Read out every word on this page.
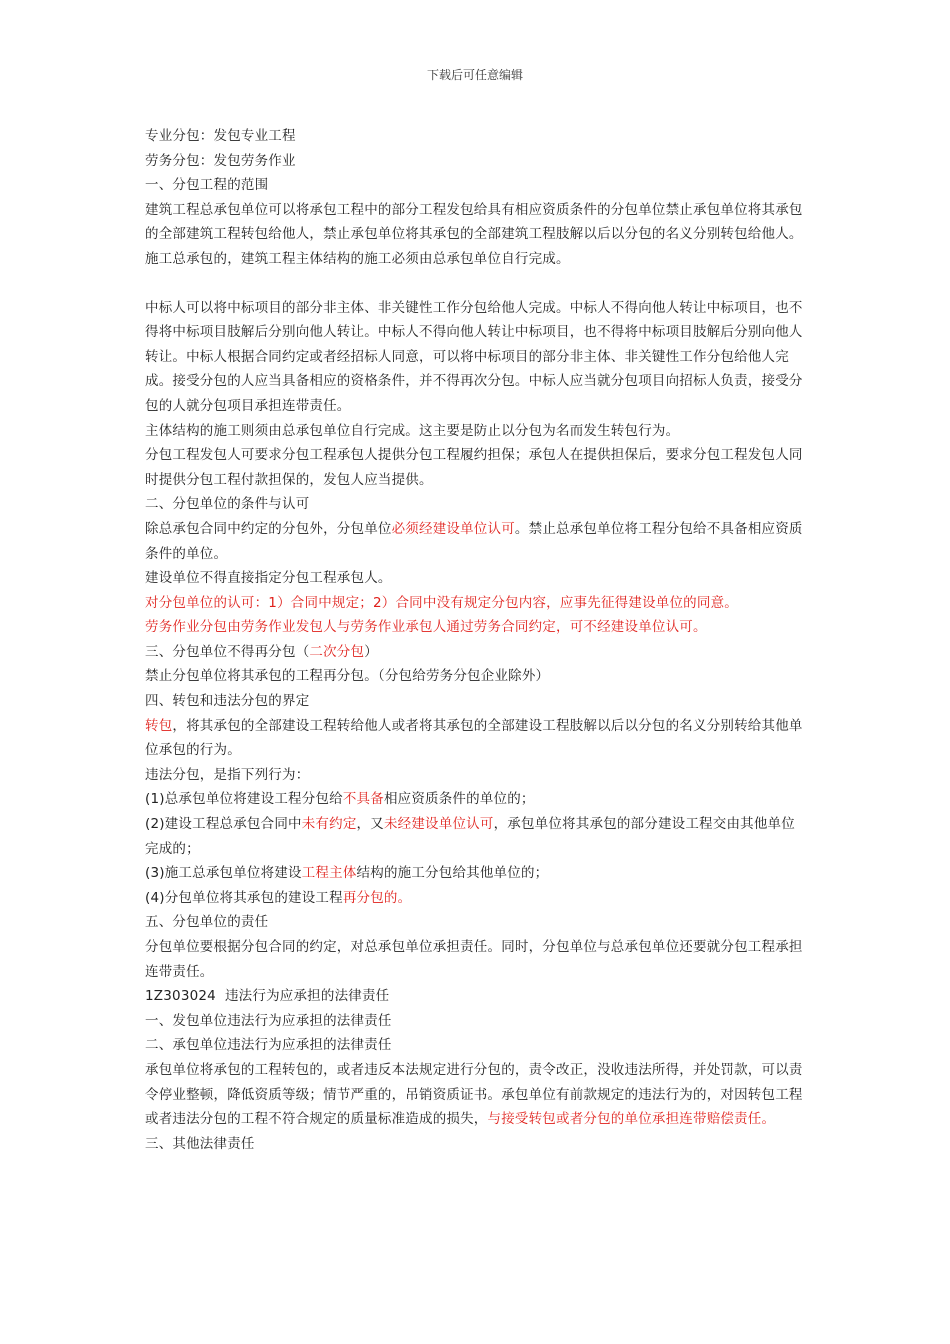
下载后可任意编辑

专业分包：发包专业工程

劳务分包：发包劳务作业

一、分包工程的范围

建筑工程总承包单位可以将承包工程中的部分工程发包给具有相应资质条件的分包单位禁止承包单位将其承包的全部建筑工程转包给他人，禁止承包单位将其承包的全部建筑工程肢解以后以分包的名义分别转包给他人。施工总承包的，建筑工程主体结构的施工必须由总承包单位自行完成。

中标人可以将中标项目的部分非主体、非关键性工作分包给他人完成。中标人不得向他人转让中标项目，也不得将中标项目肢解后分别向他人转让。中标人不得向他人转让中标项目，也不得将中标项目肢解后分别向他人转让。中标人根据合同约定或者经招标人同意，可以将中标项目的部分非主体、非关键性工作分包给他人完成。接受分包的人应当具备相应的资格条件，并不得再次分包。中标人应当就分包项目向招标人负责，接受分包的人就分包项目承担连带责任。

主体结构的施工则须由总承包单位自行完成。这主要是防止以分包为名而发生转包行为。

分包工程发包人可要求分包工程承包人提供分包工程履约担保；承包人在提供担保后，要求分包工程发包人同时提供分包工程付款担保的，发包人应当提供。

二、分包单位的条件与认可

除总承包合同中约定的分包外，分包单位必须经建设单位认可。禁止总承包单位将工程分包给不具备相应资质条件的单位。

建设单位不得直接指定分包工程承包人。

对分包单位的认可：1）合同中规定；2）合同中没有规定分包内容，应事先征得建设单位的同意。

劳务作业分包由劳务作业发包人与劳务作业承包人通过劳务合同约定，可不经建设单位认可。

三、分包单位不得再分包（二次分包）

禁止分包单位将其承包的工程再分包。（分包给劳务分包企业除外）

四、转包和违法分包的界定

转包，将其承包的全部建设工程转给他人或者将其承包的全部建设工程肢解以后以分包的名义分别转给其他单位承包的行为。

违法分包，是指下列行为：

(1)总承包单位将建设工程分包给不具备相应资质条件的单位的；

(2)建设工程总承包合同中未有约定，又未经建设单位认可，承包单位将其承包的部分建设工程交由其他单位完成的；

(3)施工总承包单位将建设工程主体结构的施工分包给其他单位的；

(4)分包单位将其承包的建设工程再分包的。

五、分包单位的责任

分包单位要根据分包合同的约定，对总承包单位承担责任。同时，分包单位与总承包单位还要就分包工程承担连带责任。

1Z303024 违法行为应承担的法律责任

一、发包单位违法行为应承担的法律责任

二、承包单位违法行为应承担的法律责任

承包单位将承包的工程转包的，或者违反本法规定进行分包的，责令改正，没收违法所得，并处罚款，可以责令停业整顿，降低资质等级；情节严重的，吊销资质证书。承包单位有前款规定的违法行为的，对因转包工程或者违法分包的工程不符合规定的质量标准造成的损失，与接受转包或者分包的单位承担连带赔偿责任。

三、其他法律责任
